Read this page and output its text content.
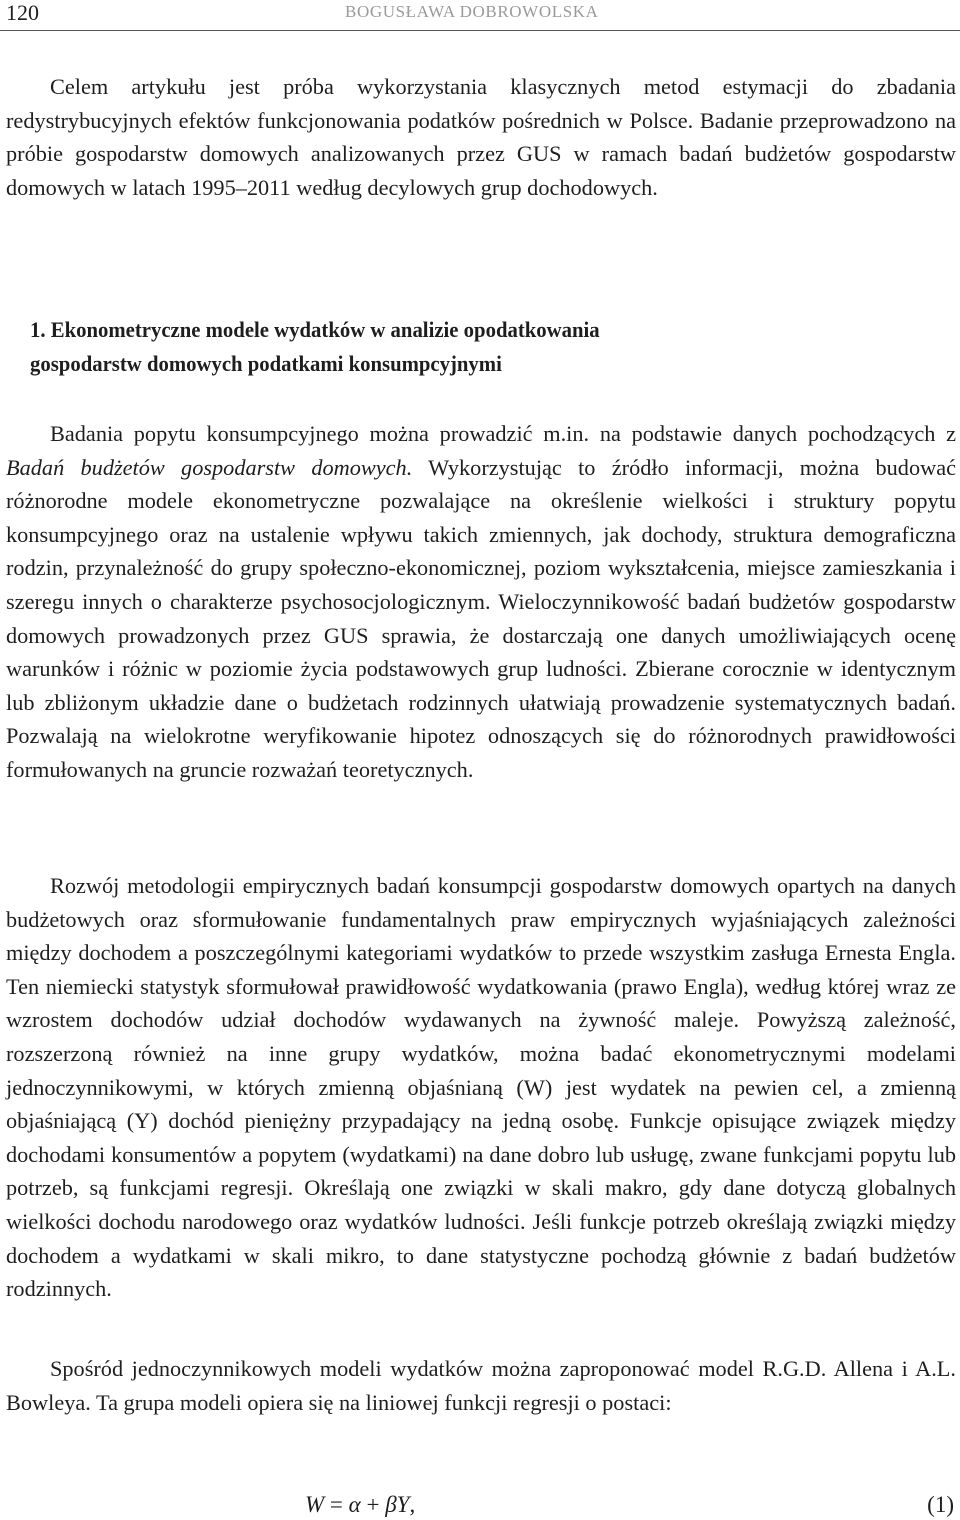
120	BOGUSŁAWA DOBROWOLSKA

Celem artykułu jest próba wykorzystania klasycznych metod estymacji do zbadania redystrybucyjnych efektów funkcjonowania podatków pośrednich w Polsce. Badanie przeprowadzono na próbie gospodarstw domowych analizowanych przez GUS w ramach badań budżetów gospodarstw domowych w latach 1995–2011 według decylowych grup dochodowych.

1. Ekonometryczne modele wydatków w analizie opodatkowania
gospodarstw domowych podatkami konsumpcyjnymi

Badania popytu konsumpcyjnego można prowadzić m.in. na podstawie danych pochodzących z Badań budżetów gospodarstw domowych. Wykorzystując to źródło informacji, można budować różnorodne modele ekonometryczne pozwalające na określenie wielkości i struktury popytu konsumpcyjnego oraz na ustalenie wpływu takich zmiennych, jak dochody, struktura demograficzna rodzin, przynależność do grupy społeczno-ekonomicznej, poziom wykształcenia, miejsce zamieszkania i szeregu innych o charakterze psychosocjologicznym. Wieloczynnikowość badań budżetów gospodarstw domowych prowadzonych przez GUS sprawia, że dostarczają one danych umożliwiających ocenę warunków i różnic w poziomie życia podstawowych grup ludności. Zbierane corocznie w identycznym lub zbliżonym układzie dane o budżetach rodzinnych ułatwiają prowadzenie systematycznych badań. Pozwalają na wielokrotne weryfikowanie hipotez odnoszących się do różnorodnych prawidłowości formułowanych na gruncie rozważań teoretycznych.

Rozwój metodologii empirycznych badań konsumpcji gospodarstw domowych opartych na danych budżetowych oraz sformułowanie fundamentalnych praw empirycznych wyjaśniających zależności między dochodem a poszczególnymi kategoriami wydatków to przede wszystkim zasługa Ernesta Engla. Ten niemiecki statystyk sformułował prawidłowość wydatkowania (prawo Engla), według której wraz ze wzrostem dochodów udział dochodów wydawanych na żywność maleje. Powyższą zależność, rozszerzoną również na inne grupy wydatków, można badać ekonometrycznymi modelami jednoczynnikowymi, w których zmienną objaśnianą (W) jest wydatek na pewien cel, a zmienną objaśniającą (Y) dochód pieniężny przypadający na jedną osobę. Funkcje opisujące związek między dochodami konsumentów a popytem (wydatkami) na dane dobro lub usługę, zwane funkcjami popytu lub potrzeb, są funkcjami regresji. Określają one związki w skali makro, gdy dane dotyczą globalnych wielkości dochodu narodowego oraz wydatków ludności. Jeśli funkcje potrzeb określają związki między dochodem a wydatkami w skali mikro, to dane statystyczne pochodzą głównie z badań budżetów rodzinnych.

Spośród jednoczynnikowych modeli wydatków można zaproponować model R.G.D. Allena i A.L. Bowleya. Ta grupa modeli opiera się na liniowej funkcji regresji o postaci:

W = α + βY,	(1)
